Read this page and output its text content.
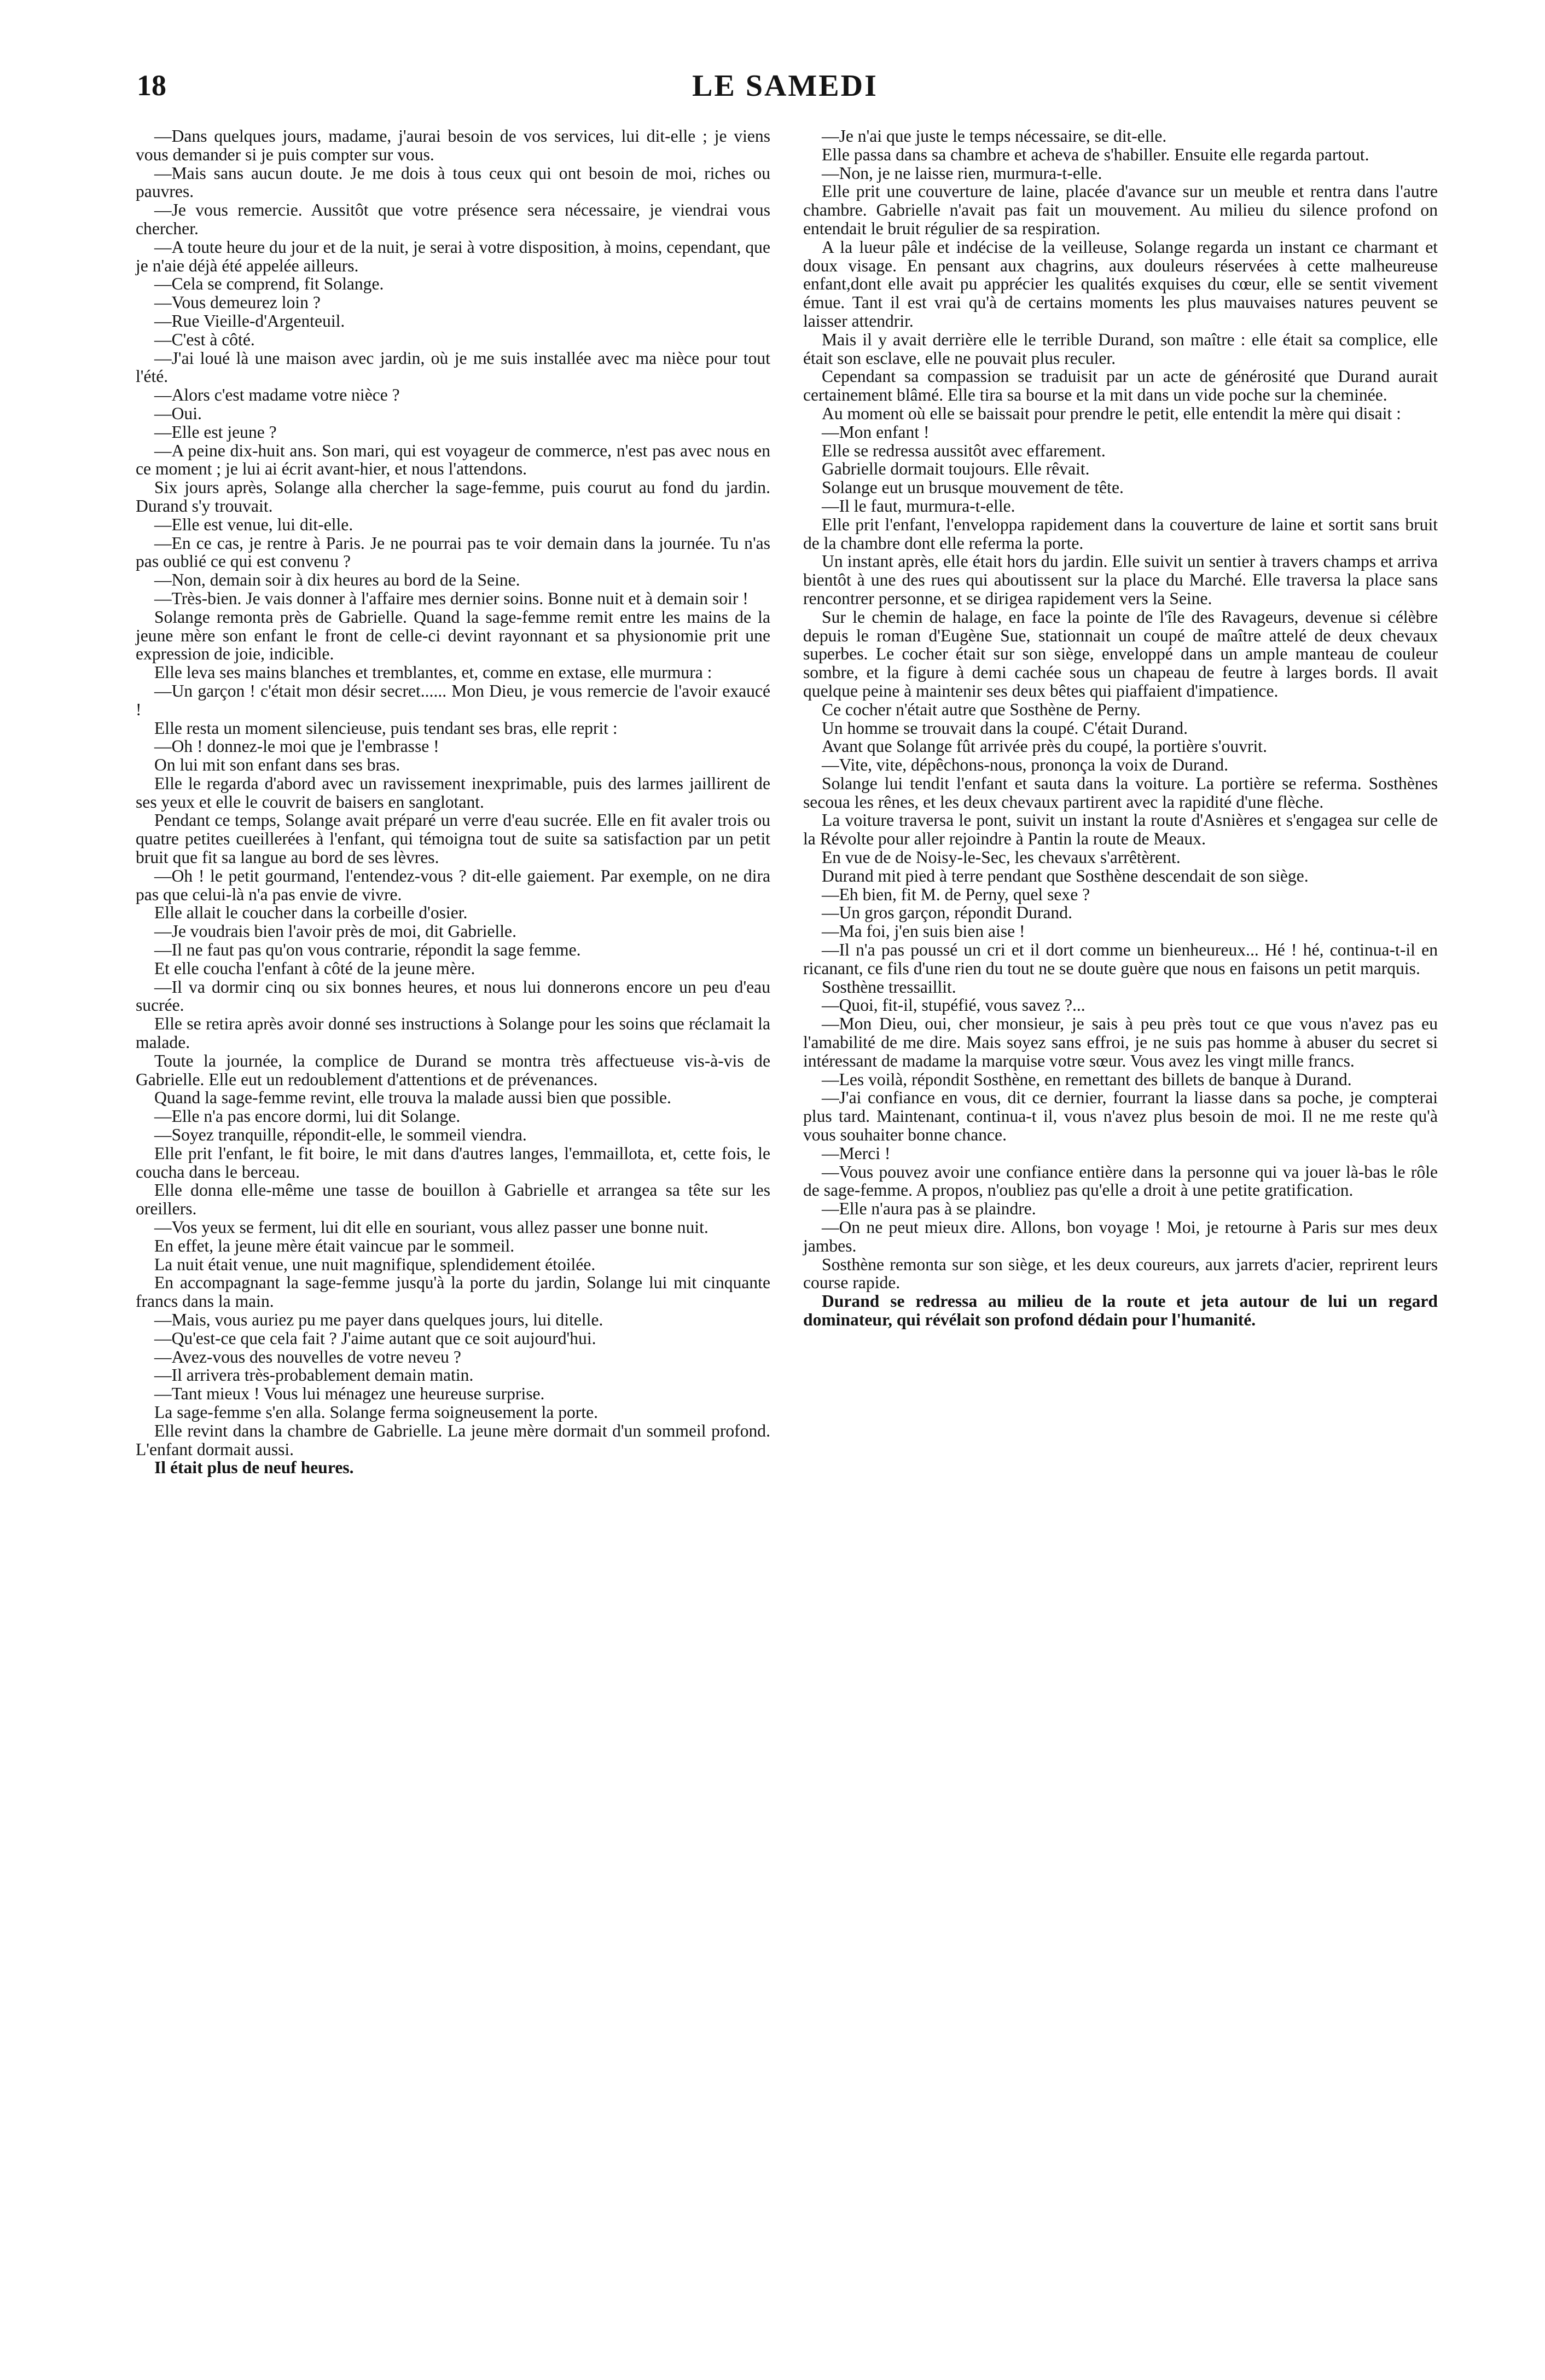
18	LE SAMEDI

—Dans quelques jours, madame, j'aurai besoin de vos services, lui dit-elle ; je viens vous demander si je puis compter sur vous.

—Mais sans aucun doute. Je me dois à tous ceux qui ont besoin de moi, riches ou pauvres.

—Je vous remercie. Aussitôt que votre présence sera nécessaire, je viendrai vous chercher.

—A toute heure du jour et de la nuit, je serai à votre disposition, à moins, cependant, que je n'aie déjà été appelée ailleurs.

—Cela se comprend, fit Solange.

—Vous demeurez loin ?

—Rue Vieille-d'Argenteuil.

—C'est à côté.

—J'ai loué là une maison avec jardin, où je me suis installée avec ma nièce pour tout l'été.

—Alors c'est madame votre nièce ?

—Oui.

—Elle est jeune ?

—A peine dix-huit ans. Son mari, qui est voyageur de commerce, n'est pas avec nous en ce moment ; je lui ai écrit avant-hier, et nous l'attendons.

Six jours après, Solange alla chercher la sage-femme, puis courut au fond du jardin. Durand s'y trouvait.

—Elle est venue, lui dit-elle.

—En ce cas, je rentre à Paris. Je ne pourrai pas te voir demain dans la journée. Tu n'as pas oublié ce qui est convenu ?

—Non, demain soir à dix heures au bord de la Seine.

—Très-bien. Je vais donner à l'affaire mes dernier soins. Bonne nuit et à demain soir !

Solange remonta près de Gabrielle. Quand la sage-femme remit entre les mains de la jeune mère son enfant le front de celle-ci devint rayonnant et sa physionomie prit une expression de joie, indicible.

Elle leva ses mains blanches et tremblantes, et, comme en extase, elle murmura :

—Un garçon ! c'était mon désir secret...... Mon Dieu, je vous remercie de l'avoir exaucé !

Elle resta un moment silencieuse, puis tendant ses bras, elle reprit :

—Oh ! donnez-le moi que je l'embrasse !

On lui mit son enfant dans ses bras.

Elle le regarda d'abord avec un ravissement inexprimable, puis des larmes jaillirent de ses yeux et elle le couvrit de baisers en sanglotant.

Pendant ce temps, Solange avait préparé un verre d'eau sucrée. Elle en fit avaler trois ou quatre petites cueillerées à l'enfant, qui témoigna tout de suite sa satisfaction par un petit bruit que fit sa langue au bord de ses lèvres.

—Oh ! le petit gourmand, l'entendez-vous ? dit-elle gaiement. Par exemple, on ne dira pas que celui-là n'a pas envie de vivre.

Elle allait le coucher dans la corbeille d'osier.

—Je voudrais bien l'avoir près de moi, dit Gabrielle.

—Il ne faut pas qu'on vous contrarie, répondit la sage femme.

Et elle coucha l'enfant à côté de la jeune mère.

—Il va dormir cinq ou six bonnes heures, et nous lui donnerons encore un peu d'eau sucrée.

Elle se retira après avoir donné ses instructions à Solange pour les soins que réclamait la malade.

Toute la journée, la complice de Durand se montra très affectueuse vis-à-vis de Gabrielle. Elle eut un redoublement d'attentions et de prévenances.

Quand la sage-femme revint, elle trouva la malade aussi bien que possible.

—Elle n'a pas encore dormi, lui dit Solange.

—Soyez tranquille, répondit-elle, le sommeil viendra.

Elle prit l'enfant, le fit boire, le mit dans d'autres langes, l'emmaillota, et, cette fois, le coucha dans le berceau.

Elle donna elle-même une tasse de bouillon à Gabrielle et arrangea sa tête sur les oreillers.

—Vos yeux se ferment, lui dit elle en souriant, vous allez passer une bonne nuit.

En effet, la jeune mère était vaincue par le sommeil.

La nuit était venue, une nuit magnifique, splendidement étoilée.

En accompagnant la sage-femme jusqu'à la porte du jardin, Solange lui mit cinquante francs dans la main.

—Mais, vous auriez pu me payer dans quelques jours, lui ditelle.

—Qu'est-ce que cela fait ? J'aime autant que ce soit aujourd'hui.

—Avez-vous des nouvelles de votre neveu ?

—Il arrivera très-probablement demain matin.

—Tant mieux ! Vous lui ménagez une heureuse surprise.

La sage-femme s'en alla. Solange ferma soigneusement la porte.

Elle revint dans la chambre de Gabrielle. La jeune mère dormait d'un sommeil profond. L'enfant dormait aussi.

Il était plus de neuf heures.

—Je n'ai que juste le temps nécessaire, se dit-elle.

Elle passa dans sa chambre et acheva de s'habiller. Ensuite elle regarda partout.

—Non, je ne laisse rien, murmura-t-elle.

Elle prit une couverture de laine, placée d'avance sur un meuble et rentra dans l'autre chambre. Gabrielle n'avait pas fait un mouvement. Au milieu du silence profond on entendait le bruit régulier de sa respiration.

A la lueur pâle et indécise de la veilleuse, Solange regarda un instant ce charmant et doux visage. En pensant aux chagrins, aux douleurs réservées à cette malheureuse enfant,dont elle avait pu apprécier les qualités exquises du cœur, elle se sentit vivement émue. Tant il est vrai qu'à de certains moments les plus mauvaises natures peuvent se laisser attendrir.

Mais il y avait derrière elle le terrible Durand, son maître : elle était sa complice, elle était son esclave, elle ne pouvait plus reculer.

Cependant sa compassion se traduisit par un acte de générosité que Durand aurait certainement blâmé. Elle tira sa bourse et la mit dans un vide poche sur la cheminée.

Au moment où elle se baissait pour prendre le petit, elle entendit la mère qui disait :

—Mon enfant !

Elle se redressa aussitôt avec effarement.

Gabrielle dormait toujours. Elle rêvait.

Solange eut un brusque mouvement de tête.

—Il le faut, murmura-t-elle.

Elle prit l'enfant, l'enveloppa rapidement dans la couverture de laine et sortit sans bruit de la chambre dont elle referma la porte.

Un instant après, elle était hors du jardin. Elle suivit un sentier à travers champs et arriva bientôt à une des rues qui aboutissent sur la place du Marché. Elle traversa la place sans rencontrer personne, et se dirigea rapidement vers la Seine.

Sur le chemin de halage, en face la pointe de l'île des Ravageurs, devenue si célèbre depuis le roman d'Eugène Sue, stationnait un coupé de maître attelé de deux chevaux superbes. Le cocher était sur son siège, enveloppé dans un ample manteau de couleur sombre, et la figure à demi cachée sous un chapeau de feutre à larges bords. Il avait quelque peine à maintenir ses deux bêtes qui piaffaient d'impatience.

Ce cocher n'était autre que Sosthène de Perny.

Un homme se trouvait dans la coupé. C'était Durand.

Avant que Solange fût arrivée près du coupé, la portière s'ouvrit.

—Vite, vite, dépêchons-nous, prononça la voix de Durand.

Solange lui tendit l'enfant et sauta dans la voiture. La portière se referma. Sosthènes secoua les rênes, et les deux chevaux partirent avec la rapidité d'une flèche.

La voiture traversa le pont, suivit un instant la route d'Asnières et s'engagea sur celle de la Révolte pour aller rejoindre à Pantin la route de Meaux.

En vue de de Noisy-le-Sec, les chevaux s'arrêtèrent.

Durand mit pied à terre pendant que Sosthène descendait de son siège.

—Eh bien, fit M. de Perny, quel sexe ?

—Un gros garçon, répondit Durand.

—Ma foi, j'en suis bien aise !

—Il n'a pas poussé un cri et il dort comme un bienheureux... Hé ! hé, continua-t-il en ricanant, ce fils d'une rien du tout ne se doute guère que nous en faisons un petit marquis.

Sosthène tressaillit.

—Quoi, fit-il, stupéfié, vous savez ?...

—Mon Dieu, oui, cher monsieur, je sais à peu près tout ce que vous n'avez pas eu l'amabilité de me dire. Mais soyez sans effroi, je ne suis pas homme à abuser du secret si intéressant de madame la marquise votre sœur. Vous avez les vingt mille francs.

—Les voilà, répondit Sosthène, en remettant des billets de banque à Durand.

—J'ai confiance en vous, dit ce dernier, fourrant la liasse dans sa poche, je compterai plus tard. Maintenant, continua-t il, vous n'avez plus besoin de moi. Il ne me reste qu'à vous souhaiter bonne chance.

—Merci !

—Vous pouvez avoir une confiance entière dans la personne qui va jouer là-bas le rôle de sage-femme. A propos, n'oubliez pas qu'elle a droit à une petite gratification.

—Elle n'aura pas à se plaindre.

—On ne peut mieux dire. Allons, bon voyage ! Moi, je retourne à Paris sur mes deux jambes.

Sosthène remonta sur son siège, et les deux coureurs, aux jarrets d'acier, reprirent leurs course rapide.

Durand se redressa au milieu de la route et jeta autour de lui un regard dominateur, qui révélait son profond dédain pour l'humanité.
